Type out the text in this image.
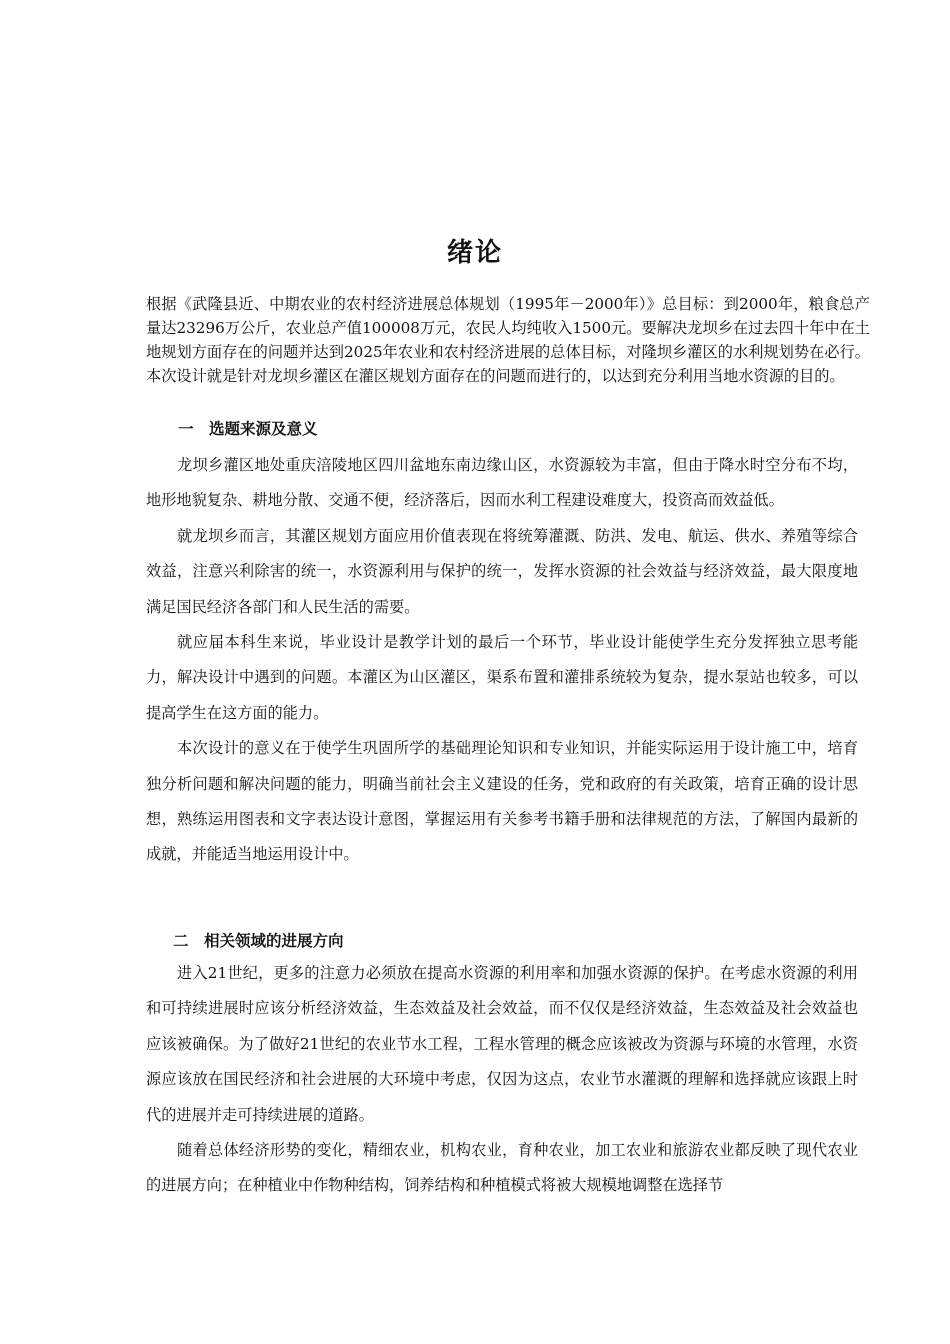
绪论

根据《武隆县近、中期农业的农村经济进展总体规划（1995年－2000年）》总目标：到2000年，粮食总产量达23296万公斤，农业总产值100008万元，农民人均纯收入1500元。要解决龙坝乡在过去四十年中在土地规划方面存在的问题并达到2025年农业和农村经济进展的总体目标，对隆坝乡灌区的水利规划势在必行。本次设计就是针对龙坝乡灌区在灌区规划方面存在的问题而进行的，以达到充分利用当地水资源的目的。

一　选题来源及意义

龙坝乡灌区地处重庆涪陵地区四川盆地东南边缘山区，水资源较为丰富，但由于降水时空分布不均，地形地貌复杂、耕地分散、交通不便，经济落后，因而水利工程建设难度大，投资高而效益低。

就龙坝乡而言，其灌区规划方面应用价值表现在将统筹灌溉、防洪、发电、航运、供水、养殖等综合效益，注意兴利除害的统一，水资源利用与保护的统一，发挥水资源的社会效益与经济效益，最大限度地满足国民经济各部门和人民生活的需要。

就应届本科生来说，毕业设计是教学计划的最后一个环节，毕业设计能使学生充分发挥独立思考能力，解决设计中遇到的问题。本灌区为山区灌区，渠系布置和灌排系统较为复杂，提水泵站也较多，可以提高学生在这方面的能力。

本次设计的意义在于使学生巩固所学的基础理论知识和专业知识，并能实际运用于设计施工中，培育独分析问题和解决问题的能力，明确当前社会主义建设的任务，党和政府的有关政策，培育正确的设计思想，熟练运用图表和文字表达设计意图，掌握运用有关参考书籍手册和法律规范的方法，了解国内最新的成就，并能适当地运用设计中。

二　相关领域的进展方向

进入21世纪，更多的注意力必须放在提高水资源的利用率和加强水资源的保护。在考虑水资源的利用和可持续进展时应该分析经济效益，生态效益及社会效益，而不仅仅是经济效益，生态效益及社会效益也应该被确保。为了做好21世纪的农业节水工程，工程水管理的概念应该被改为资源与环境的水管理，水资源应该放在国民经济和社会进展的大环境中考虑，仅因为这点，农业节水灌溉的理解和选择就应该跟上时代的进展并走可持续进展的道路。

随着总体经济形势的变化，精细农业，机构农业，育种农业，加工农业和旅游农业都反映了现代农业的进展方向；在种植业中作物种结构，饲养结构和种植模式将被大规模地调整在选择节
